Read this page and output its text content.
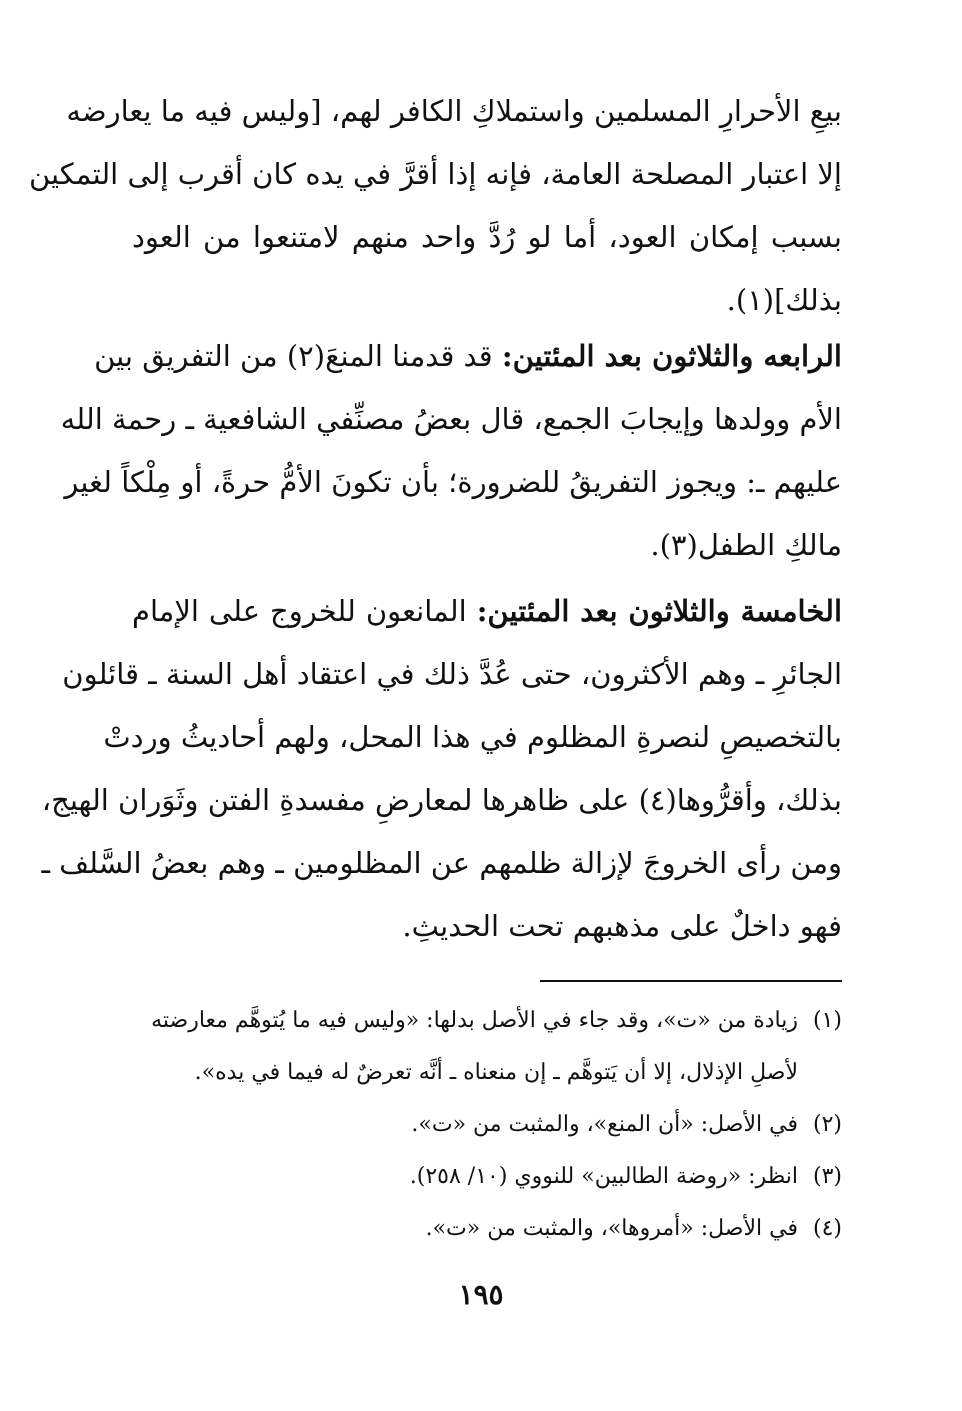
بيعِ الأحرارِ المسلمين واستملاكِ الكافر لهم، [وليس فيه ما يعارضه
إلا اعتبار المصلحة العامة، فإنه إذا أقرَّ في يده كان أقرب إلى التمكين
بسبب إمكان العود، أما لو رُدَّ واحد منهم لامتنعوا من العود
بذلك](١).
الرابعه والثلاثون بعد المئتين: قد قدمنا المنعَ(٢) من التفريق بين
الأم وولدها وإيجابَ الجمع، قال بعضُ مصنِّفي الشافعية ـ رحمة الله
عليهم ـ: ويجوز التفريقُ للضرورة؛ بأن تكونَ الأمُّ حرةً، أو مِلْكاً لغير
مالكِ الطفل(٣).
الخامسة والثلاثون بعد المئتين: المانعون للخروج على الإمام
الجائرِ ـ وهم الأكثرون، حتى عُدَّ ذلك في اعتقاد أهل السنة ـ قائلون
بالتخصيصِ لنصرةِ المظلوم في هذا المحل، ولهم أحاديثُ وردتْ
بذلك، وأقرُّوها(٤) على ظاهرها لمعارضِ مفسدةِ الفتن وثَوَران الهيج،
ومن رأى الخروجَ لإزالة ظلمهم عن المظلومين ـ وهم بعضُ السَّلف ـ
فهو داخلٌ على مذهبهم تحت الحديثِ.
(١)زيادة من «ت»، وقد جاء في الأصل بدلها: «وليس فيه ما يُتوهَّم معارضته
لأصلِ الإذلال، إلا أن يَتوهَّم ـ إن منعناه ـ أنَّه تعرضٌ له فيما في يده».
(٢)في الأصل: «أن المنع»، والمثبت من «ت».
(٣)انظر: «روضة الطالبين» للنووي (١٠/ ٢٥٨).
(٤)في الأصل: «أمروها»، والمثبت من «ت».
١٩٥
